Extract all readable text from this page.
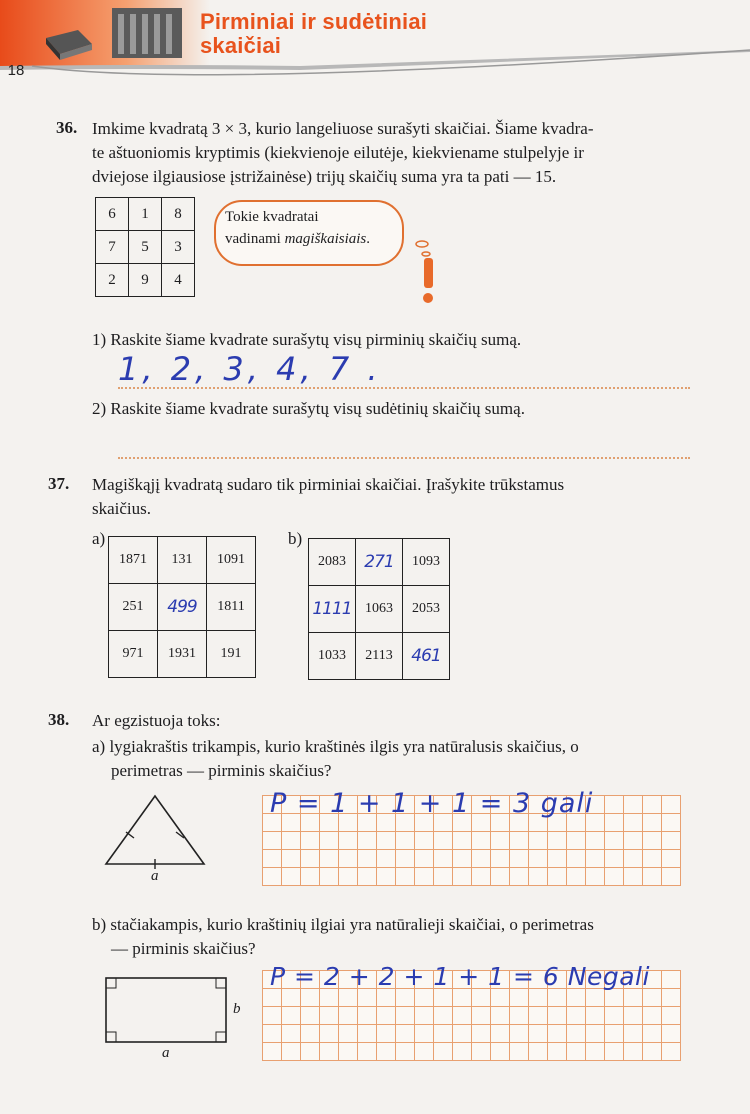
Pirminiai ir sudėtiniai
skaičiai
18
36. Imkime kvadratą 3 × 3, kurio langeliuose surašyti skaičiai. Šiame kvadra-
te aštuoniomis kryptimis (kiekvienoje eilutėje, kiekviename stulpelyje ir
dviejose ilgiausiose įstrižainėse) trijų skaičių suma yra ta pati — 15.
6	1	8
7	5	3
2	9	4
Tokie kvadratai
vadinami magiškaisiais.
1) Raskite šiame kvadrate surašytų visų pirminių skaičių sumą.
1, 2, 3, 4, 7 .
2) Raskite šiame kvadrate surašytų visų sudėtinių skaičių sumą.
37. Magiškąjį kvadratą sudaro tik pirminiai skaičiai. Įrašykite trūkstamus
skaičius.
a)
1871	131	1091
251	499	1811
971	1931	191
b)
2083	271	1093
1111	1063	2053
1033	2113	461
38. Ar egzistuoja toks:
a) lygiakraštis trikampis, kurio kraštinės ilgis yra natūralusis skaičius, o
perimetras — pirminis skaičius?
a
P = 1 + 1 + 1 = 3 gali
b) stačiakampis, kurio kraštinių ilgiai yra natūralieji skaičiai, o perimetras
— pirminis skaičius?
a
b
P = 2 + 2 + 1 + 1 = 6 Negali
